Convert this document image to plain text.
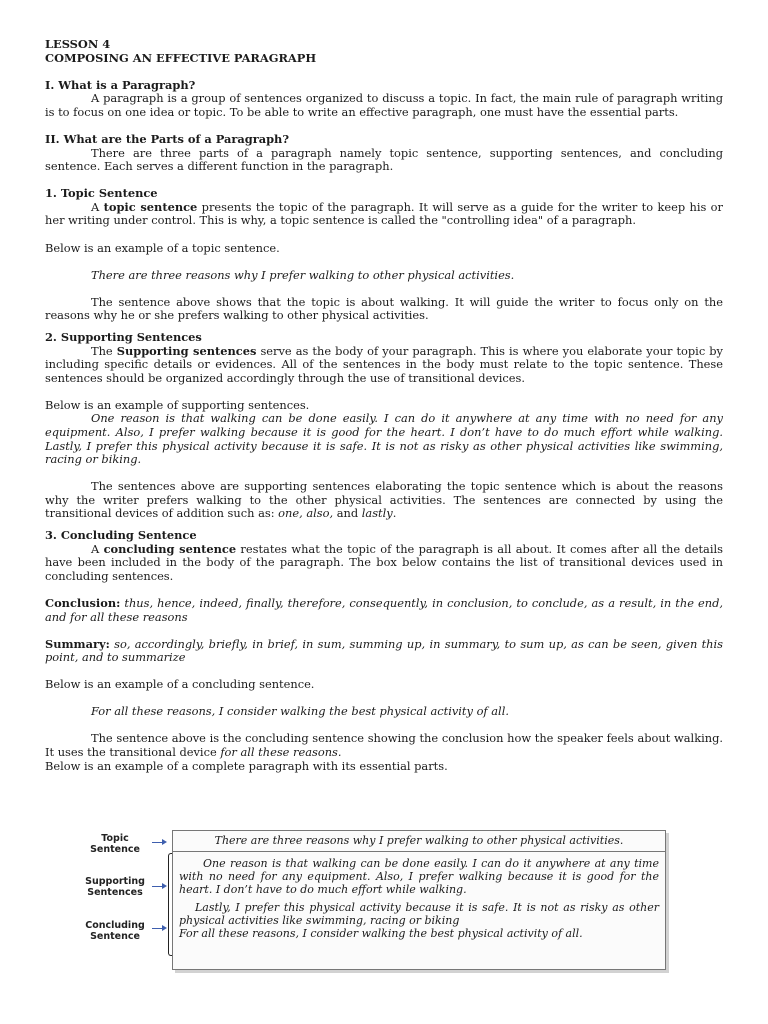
LESSON 4

COMPOSING AN EFFECTIVE PARAGRAPH

I. What is a Paragraph?

A paragraph is a group of sentences organized to discuss a topic. In fact, the main rule of paragraph writing is to focus on one idea or topic. To be able to write an effective paragraph, one must have the essential parts.

II. What are the Parts of a Paragraph?

There are three parts of a paragraph namely topic sentence, supporting sentences, and concluding sentence. Each serves a different function in the paragraph.

1. Topic Sentence

A topic sentence presents the topic of the paragraph. It will serve as a guide for the writer to keep his or her writing under control. This is why, a topic sentence is called the "controlling idea" of a paragraph.

Below is an example of a topic sentence.

There are three reasons why I prefer walking to other physical activities.

The sentence above shows that the topic is about walking. It will guide the writer to focus only on the reasons why he or she prefers walking to other physical activities.

2. Supporting Sentences

The Supporting sentences serve as the body of your paragraph. This is where you elaborate your topic by including specific details or evidences. All of the sentences in the body must relate to the topic sentence. These sentences should be organized accordingly through the use of transitional devices.

Below is an example of supporting sentences.

One reason is that walking can be done easily. I can do it anywhere at any time with no need for any equipment. Also, I prefer walking because it is good for the heart. I don’t have to do much effort while walking. Lastly, I prefer this physical activity because it is safe. It is not as risky as other physical activities like swimming, racing or biking.

The sentences above are supporting sentences elaborating the topic sentence which is about the reasons why the writer prefers walking to the other physical activities. The sentences are connected by using the transitional devices of addition such as: one, also, and lastly.

3. Concluding Sentence

A concluding sentence restates what the topic of the paragraph is all about. It comes after all the details have been included in the body of the paragraph. The box below contains the list of transitional devices used in concluding sentences.

Conclusion: thus, hence, indeed, finally, therefore, consequently, in conclusion, to conclude, as a result, in the end, and for all these reasons

Summary: so, accordingly, briefly, in brief, in sum, summing up, in summary, to sum up, as can be seen, given this point, and to summarize

Below is an example of a concluding sentence.

For all these reasons, I consider walking the best physical activity of all.

The sentence above is the concluding sentence showing the conclusion how the speaker feels about walking. It uses the transitional device for all these reasons.

Below is an example of a complete paragraph with its essential parts.

Topic
Sentence
Supporting
Sentences
Concluding
Sentence
There are three reasons why I prefer walking to other physical activities.

One reason is that walking can be done easily. I can do it anywhere at any time with no need for any equipment. Also, I prefer walking because it is good for the heart. I don’t have to do much effort while walking.

Lastly, I prefer this physical activity because it is safe. It is not as risky as other physical activities like swimming, racing or biking

For all these reasons, I consider walking the best physical activity of all.
